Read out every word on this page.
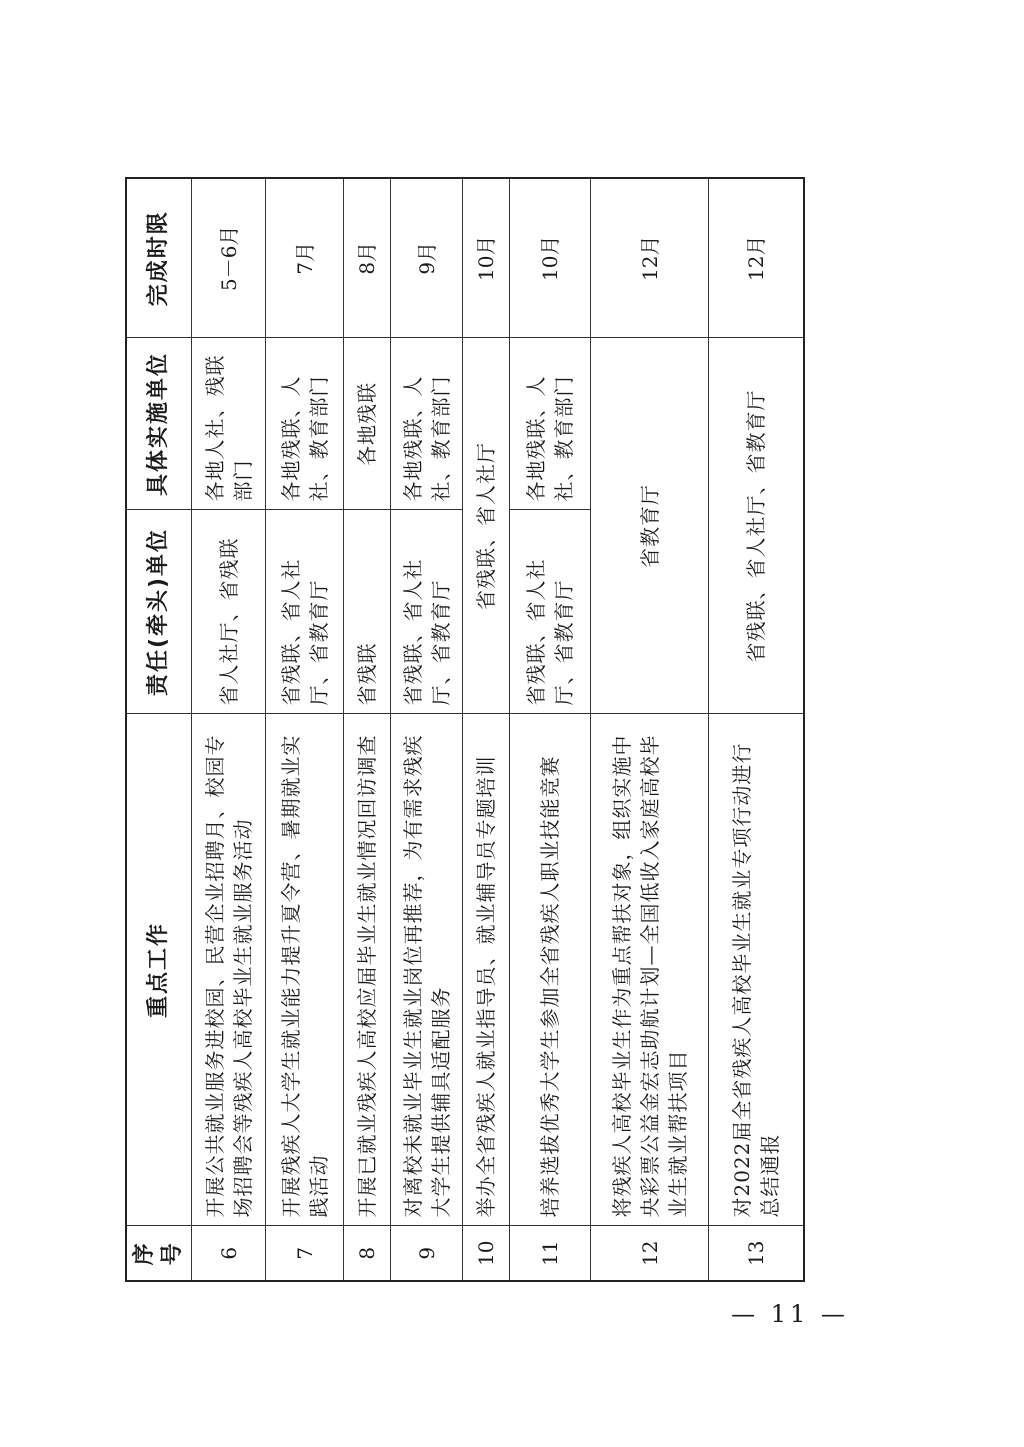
序号	重点工作	责任(牵头)单位	具体实施单位	完成时限
6	开展公共就业服务进校园、民营企业招聘月、校园专场招聘会等残疾人高校毕业生就业服务活动	省人社厅、省残联	各地人社、残联部门	5－6月
7	开展残疾人大学生就业能力提升夏令营、暑期就业实践活动	省残联、省人社厅、省教育厅	各地残联、人社、教育部门	7月
8	开展已就业残疾人高校应届毕业生就业情况回访调查	省残联	各地残联	8月
9	对离校未就业毕业生就业岗位再推荐，为有需求残疾大学生提供辅具适配服务	省残联、省人社厅、省教育厅	各地残联、人社、教育部门	9月
10	举办全省残疾人就业指导员、就业辅导员专题培训	省残联、省人社厅		10月
11	培养选拔优秀大学生参加全省残疾人职业技能竞赛	省残联、省人社厅、省教育厅	各地残联、人社、教育部门	10月
12	将残疾人高校毕业生作为重点帮扶对象，组织实施中央彩票公益金宏志助航计划—全国低收入家庭高校毕业生就业帮扶项目	省教育厅		12月
13	对2022届全省残疾人高校毕业生就业专项行动进行总结通报	省残联、省人社厅、省教育厅		12月
— 11 —
